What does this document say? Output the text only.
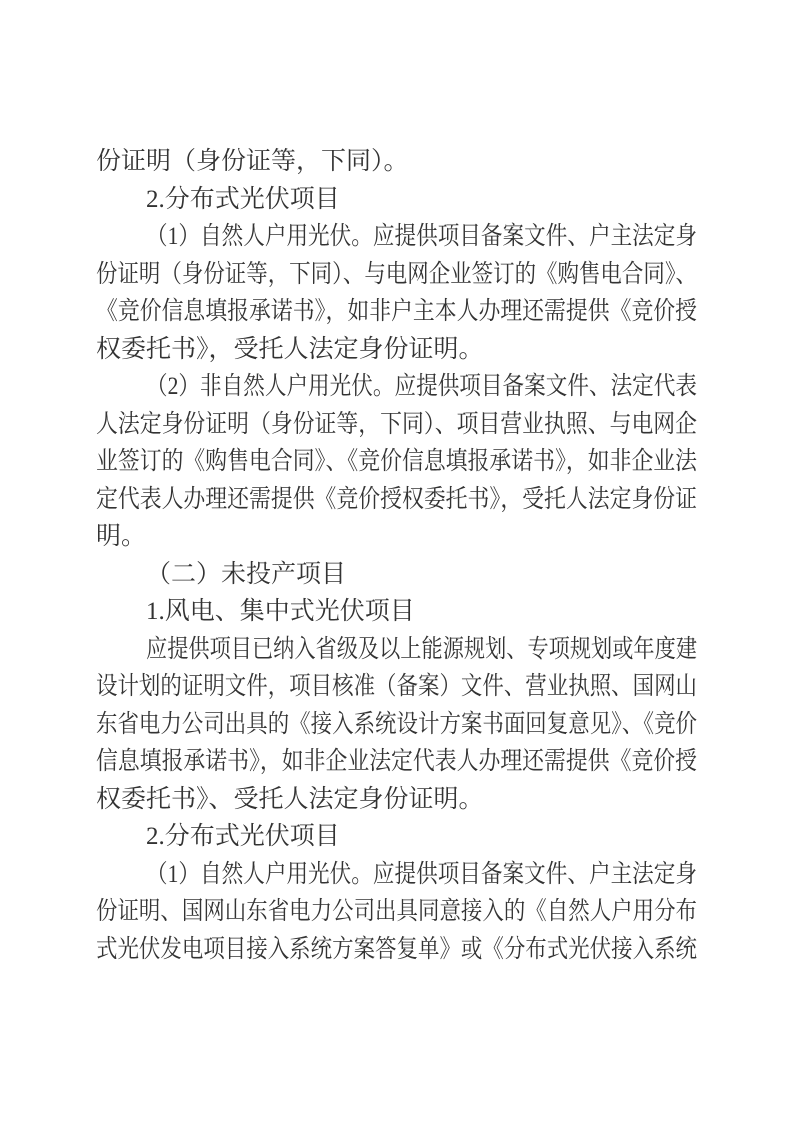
份证明（身份证等，下同）。
2.分布式光伏项目
（1）自然人户用光伏。应提供项目备案文件、户主法定身
份证明（身份证等，下同）、与电网企业签订的《购售电合同》、
《竞价信息填报承诺书》，如非户主本人办理还需提供《竞价授
权委托书》，受托人法定身份证明。
（2）非自然人户用光伏。应提供项目备案文件、法定代表
人法定身份证明（身份证等，下同）、项目营业执照、与电网企
业签订的《购售电合同》、《竞价信息填报承诺书》，如非企业法
定代表人办理还需提供《竞价授权委托书》，受托人法定身份证
明。
（二）未投产项目
1.风电、集中式光伏项目
应提供项目已纳入省级及以上能源规划、专项规划或年度建
设计划的证明文件，项目核准（备案）文件、营业执照、国网山
东省电力公司出具的《接入系统设计方案书面回复意见》、《竞价
信息填报承诺书》，如非企业法定代表人办理还需提供《竞价授
权委托书》、受托人法定身份证明。
2.分布式光伏项目
（1）自然人户用光伏。应提供项目备案文件、户主法定身
份证明、国网山东省电力公司出具同意接入的《自然人户用分布
式光伏发电项目接入系统方案答复单》或《分布式光伏接入系统
